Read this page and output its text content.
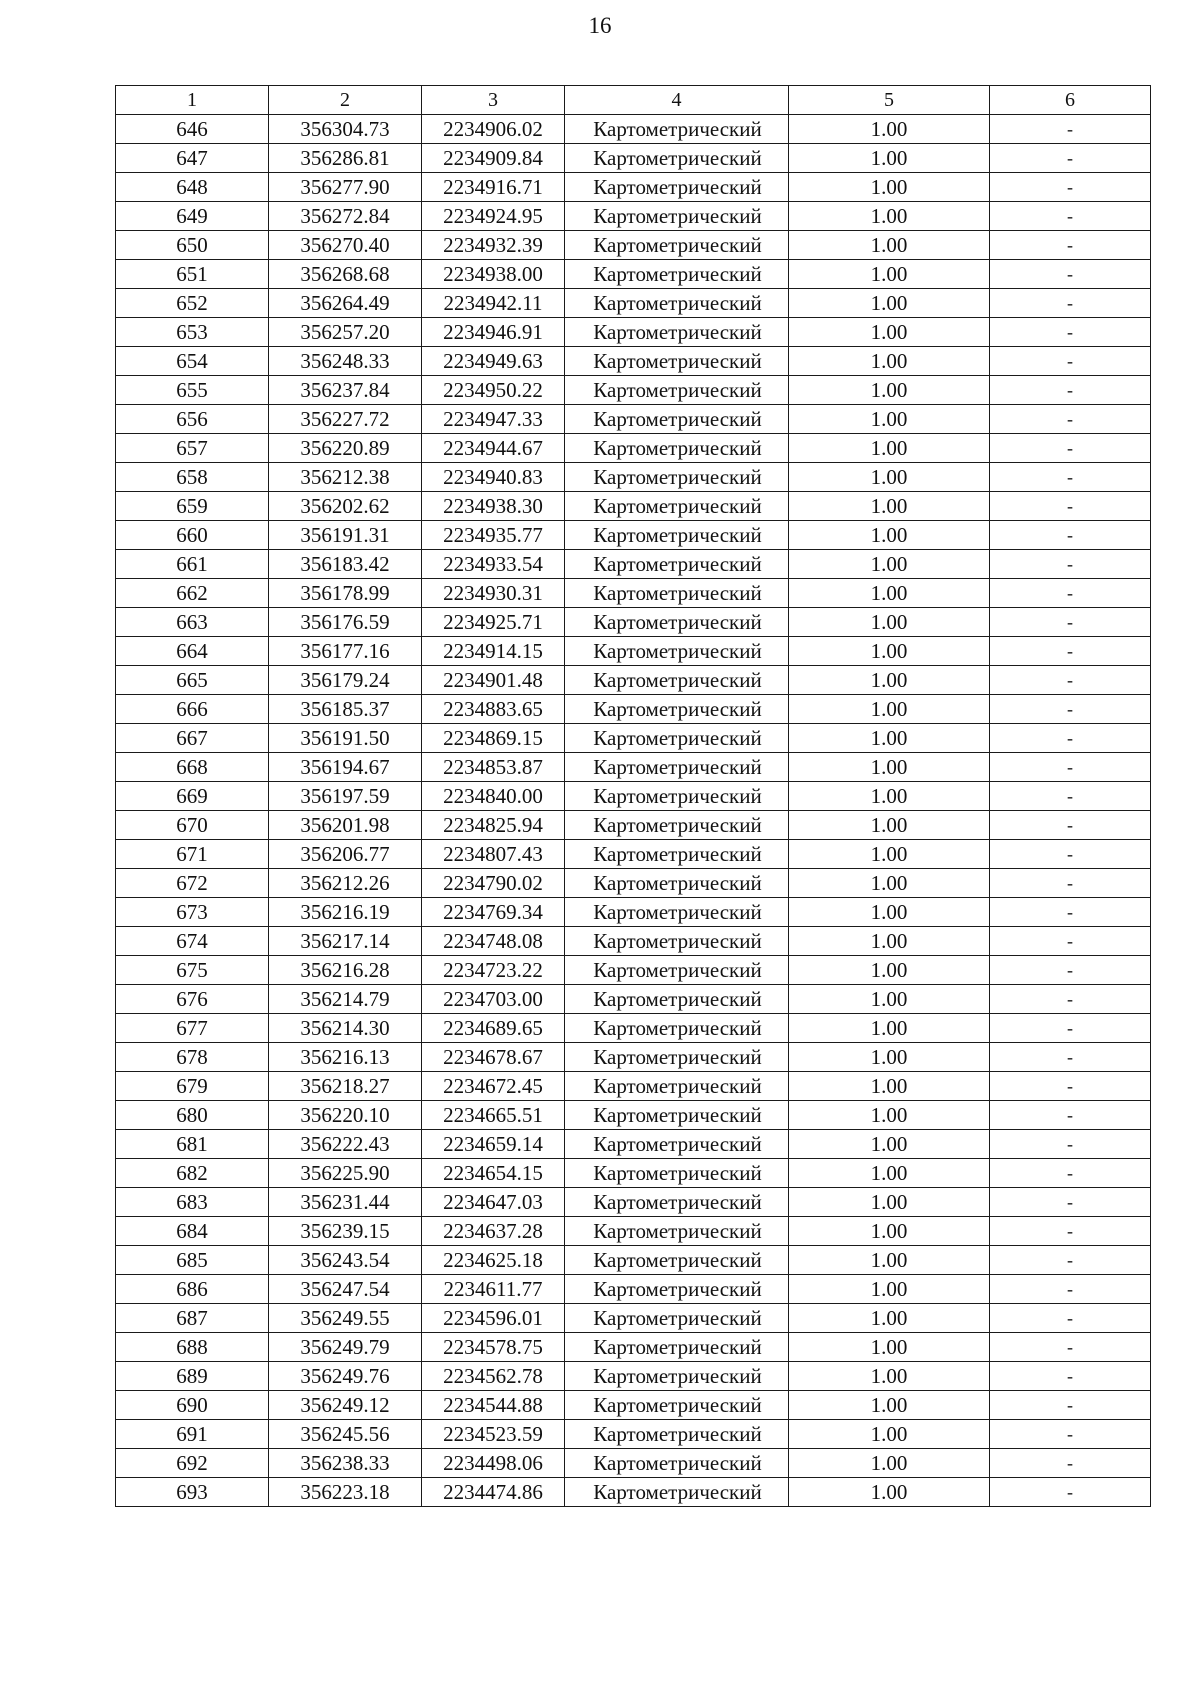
16
1	2	3	4	5	6
646	356304.73	2234906.02	Картометрический	1.00	-
647	356286.81	2234909.84	Картометрический	1.00	-
648	356277.90	2234916.71	Картометрический	1.00	-
649	356272.84	2234924.95	Картометрический	1.00	-
650	356270.40	2234932.39	Картометрический	1.00	-
651	356268.68	2234938.00	Картометрический	1.00	-
652	356264.49	2234942.11	Картометрический	1.00	-
653	356257.20	2234946.91	Картометрический	1.00	-
654	356248.33	2234949.63	Картометрический	1.00	-
655	356237.84	2234950.22	Картометрический	1.00	-
656	356227.72	2234947.33	Картометрический	1.00	-
657	356220.89	2234944.67	Картометрический	1.00	-
658	356212.38	2234940.83	Картометрический	1.00	-
659	356202.62	2234938.30	Картометрический	1.00	-
660	356191.31	2234935.77	Картометрический	1.00	-
661	356183.42	2234933.54	Картометрический	1.00	-
662	356178.99	2234930.31	Картометрический	1.00	-
663	356176.59	2234925.71	Картометрический	1.00	-
664	356177.16	2234914.15	Картометрический	1.00	-
665	356179.24	2234901.48	Картометрический	1.00	-
666	356185.37	2234883.65	Картометрический	1.00	-
667	356191.50	2234869.15	Картометрический	1.00	-
668	356194.67	2234853.87	Картометрический	1.00	-
669	356197.59	2234840.00	Картометрический	1.00	-
670	356201.98	2234825.94	Картометрический	1.00	-
671	356206.77	2234807.43	Картометрический	1.00	-
672	356212.26	2234790.02	Картометрический	1.00	-
673	356216.19	2234769.34	Картометрический	1.00	-
674	356217.14	2234748.08	Картометрический	1.00	-
675	356216.28	2234723.22	Картометрический	1.00	-
676	356214.79	2234703.00	Картометрический	1.00	-
677	356214.30	2234689.65	Картометрический	1.00	-
678	356216.13	2234678.67	Картометрический	1.00	-
679	356218.27	2234672.45	Картометрический	1.00	-
680	356220.10	2234665.51	Картометрический	1.00	-
681	356222.43	2234659.14	Картометрический	1.00	-
682	356225.90	2234654.15	Картометрический	1.00	-
683	356231.44	2234647.03	Картометрический	1.00	-
684	356239.15	2234637.28	Картометрический	1.00	-
685	356243.54	2234625.18	Картометрический	1.00	-
686	356247.54	2234611.77	Картометрический	1.00	-
687	356249.55	2234596.01	Картометрический	1.00	-
688	356249.79	2234578.75	Картометрический	1.00	-
689	356249.76	2234562.78	Картометрический	1.00	-
690	356249.12	2234544.88	Картометрический	1.00	-
691	356245.56	2234523.59	Картометрический	1.00	-
692	356238.33	2234498.06	Картометрический	1.00	-
693	356223.18	2234474.86	Картометрический	1.00	-
